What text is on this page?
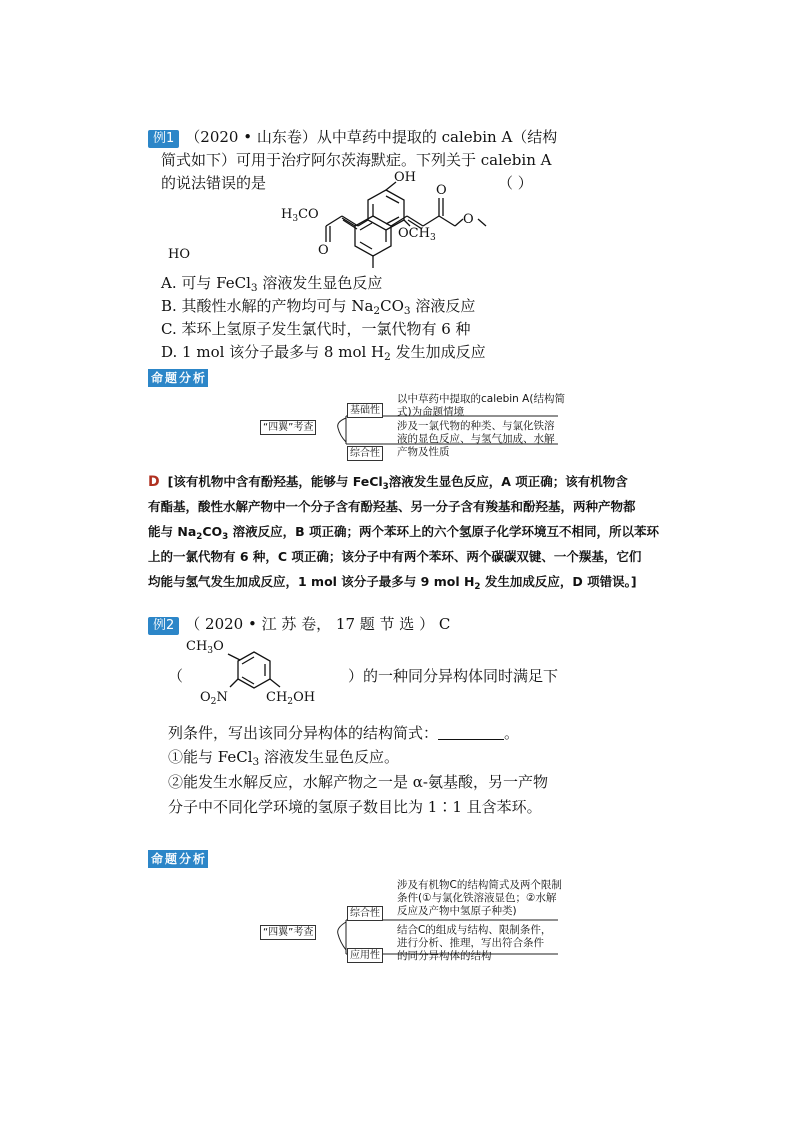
例1 （2020 • 山东卷）从中草药中提取的 calebin A（结构
简式如下）可用于治疗阿尔茨海默症。下列关于 calebin A
的说法错误的是	（ ）
$H_3CO$
O
O
OH
HO
$OCH_3$
O
A. 可与 FeCl$_3$ 溶液发生显色反应
B. 其酸性水解的产物均可与 $Na_2CO_3$ 溶液反应
C. 苯环上氢原子发生氯代时，一氯代物有 6 种
D. 1 mol 该分子最多与 8 mol $H_2$ 发生加成反应
命 题 分 析
“四翼”考查
基础性
以中草药中提取的calebin A(结构简
式)为命题情境
综合性
涉及一氯代物的种类、与氯化铁溶
液的显色反应、与氢气加成、水解
产物及性质
D [该有机物中含有酚羟基，能够与 FeCl$_3$溶液发生显色反应，A 项正确；该有机物含
有酯基，酸性水解产物中一个分子含有酚羟基、另一分子含有羧基和酚羟基，两种产物都
能与 $Na_2CO_3$ 溶液反应，B 项正确；两个苯环上的六个氢原子化学环境互不相同，所以苯环
上的一氯代物有 6 种，C 项正确；该分子中有两个苯环、两个碳碳双键、一个羰基，它们
均能与氢气发生加成反应，1 mol 该分子最多与 9 mol $H_2$ 发生加成反应，D 项错误。]
例2 （ 2020 • 江 苏 卷， 17 题 节 选 ） C
$CH_3O$
（	）的一种同分异构体同时满足下
$O_2N$	$CH_2OH$
列条件，写出该同分异构体的结构简式：	。
①能与 FeCl$_3$ 溶液发生显色反应。
②能发生水解反应，水解产物之一是 α-氨基酸，另一产物
分子中不同化学环境的氢原子数目比为 1∶1 且含苯环。
命 题 分 析
“四翼”考查
综合性
涉及有机物C的结构简式及两个限制
条件(①与氯化铁溶液显色；②水解
反应及产物中氢原子种类)
应用性
结合C的组成与结构、限制条件，
进行分析、推理，写出符合条件
的同分异构体的结构
